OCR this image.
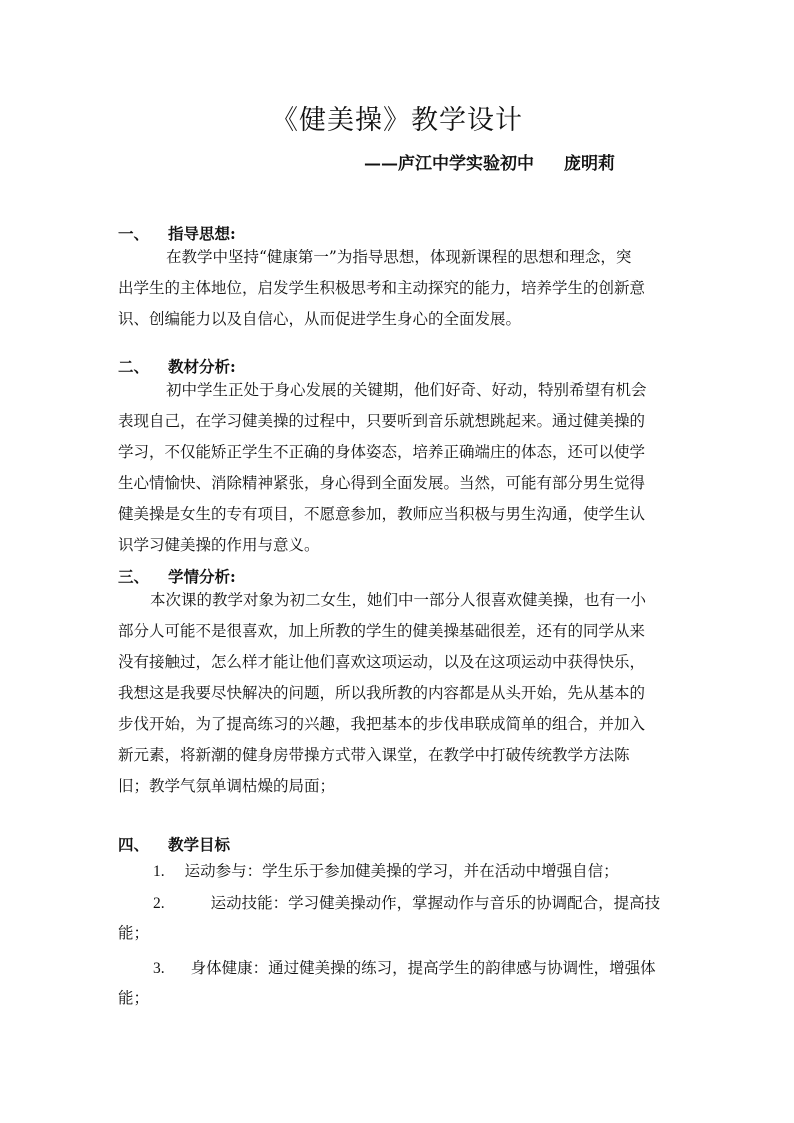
《健美操》教学设计
——庐江中学实验初中 庞明莉
一、 指导思想:
在教学中坚持“健康第一”为指导思想，体现新课程的思想和理念，突
出学生的主体地位，启发学生积极思考和主动探究的能力，培养学生的创新意
识、创编能力以及自信心，从而促进学生身心的全面发展。
二、 教材分析:
初中学生正处于身心发展的关键期，他们好奇、好动，特别希望有机会
表现自己，在学习健美操的过程中，只要听到音乐就想跳起来。通过健美操的
学习，不仅能矫正学生不正确的身体姿态，培养正确端庄的体态，还可以使学
生心情愉快、消除精神紧张，身心得到全面发展。当然，可能有部分男生觉得
健美操是女生的专有项目，不愿意参加，教师应当积极与男生沟通，使学生认
识学习健美操的作用与意义。
三、 学情分析:
本次课的教学对象为初二女生，她们中一部分人很喜欢健美操，也有一小
部分人可能不是很喜欢，加上所教的学生的健美操基础很差，还有的同学从来
没有接触过，怎么样才能让他们喜欢这项运动，以及在这项运动中获得快乐，
我想这是我要尽快解决的问题，所以我所教的内容都是从头开始，先从基本的
步伐开始，为了提高练习的兴趣，我把基本的步伐串联成简单的组合，并加入
新元素，将新潮的健身房带操方式带入课堂，在教学中打破传统教学方法陈
旧；教学气氛单调枯燥的局面；
四、 教学目标
1. 运动参与：学生乐于参加健美操的学习，并在活动中增强自信；
2.	运动技能：学习健美操动作，掌握动作与音乐的协调配合，提高技
能；
3. 身体健康：通过健美操的练习，提高学生的韵律感与协调性，增强体
能；
